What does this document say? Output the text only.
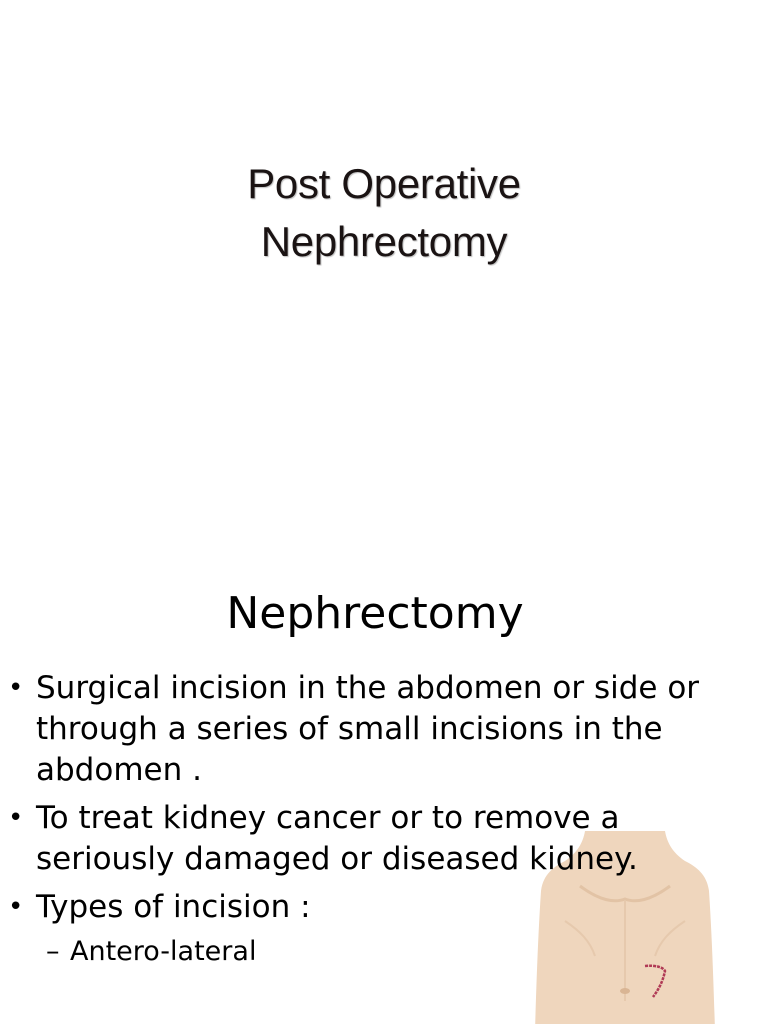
Post Operative
Nephrectomy
Nephrectomy
• Surgical incision in the abdomen or side or through a series of small incisions in the abdomen .
• To treat kidney cancer or to remove a seriously damaged or diseased kidney.
• Types of incision :
– Antero-lateral
